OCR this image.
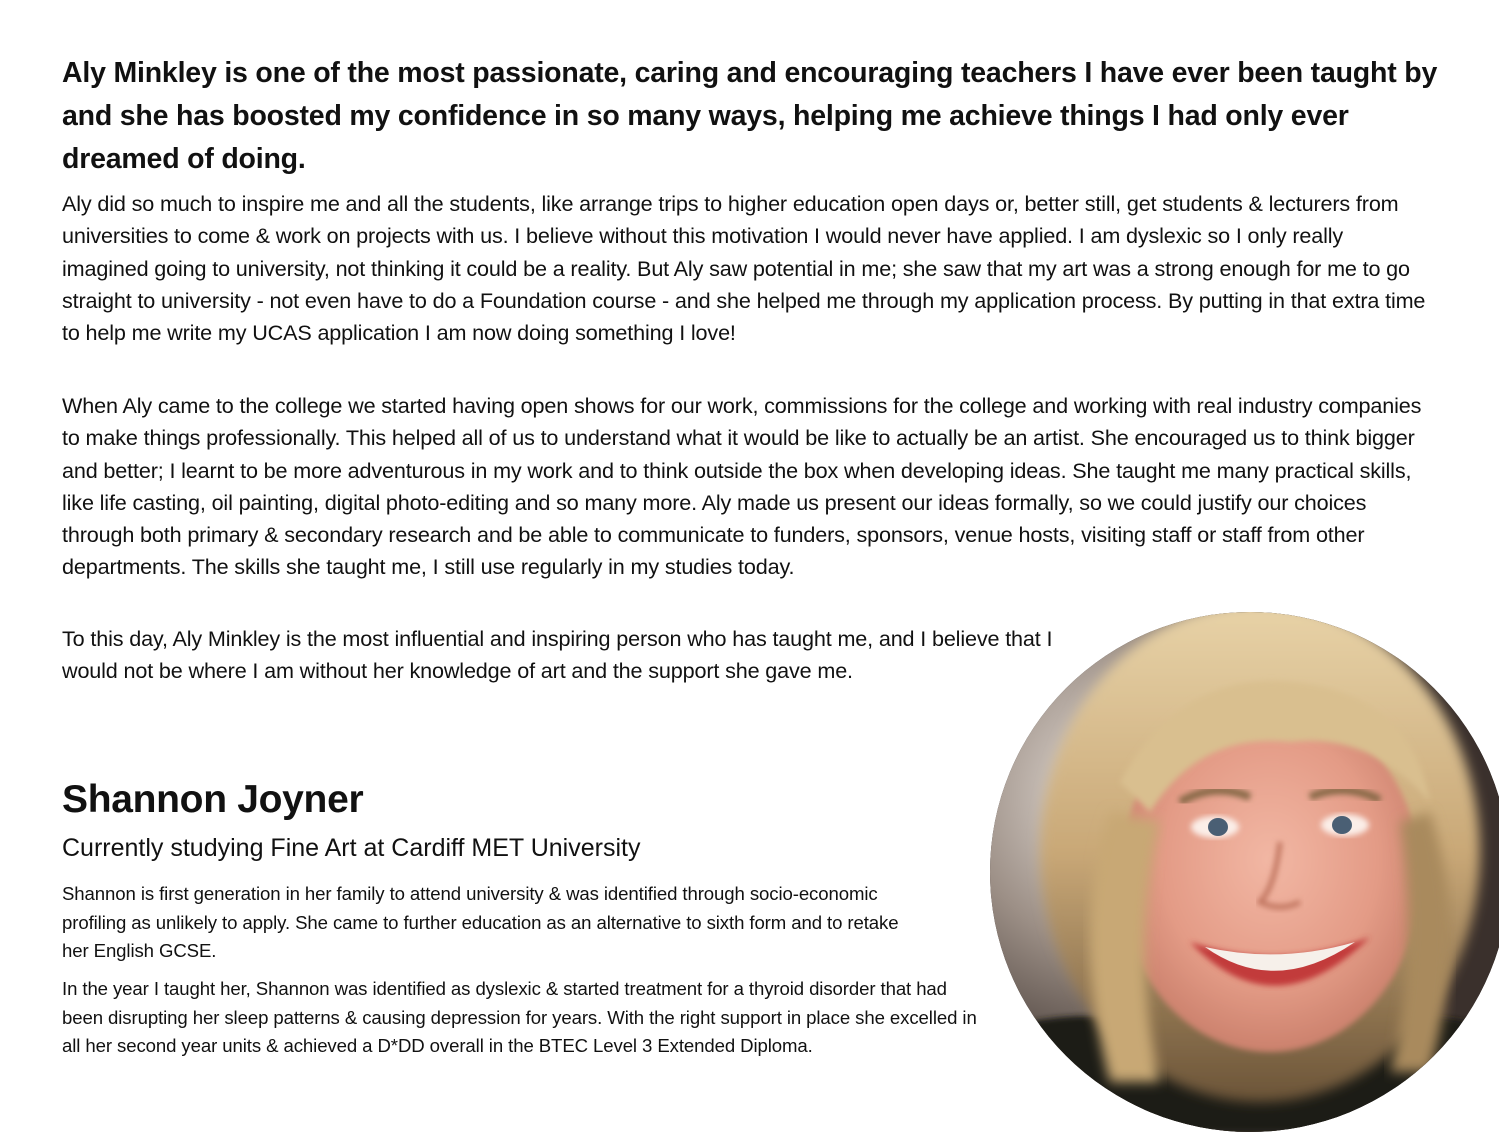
Aly Minkley is one of the most passionate, caring and encouraging teachers I have ever been taught by and she has boosted my confidence in so many ways, helping me achieve things I had only ever dreamed of doing.

Aly did so much to inspire me and all the students, like arrange trips to higher education open days or, better still, get students & lecturers from universities to come & work on projects with us. I believe without this motivation I would never have applied. I am dyslexic so I only really imagined going to university, not thinking it could be a reality. But Aly saw potential in me; she saw that my art was a strong enough for me to go straight to university - not even have to do a Foundation course - and she helped me through my application process. By putting in that extra time to help me write my UCAS application I am now doing something I love!

When Aly came to the college we started having open shows for our work, commissions for the college and working with real industry companies to make things professionally. This helped all of us to understand what it would be like to actually be an artist. She encouraged us to think bigger and better; I learnt to be more adventurous in my work and to think outside the box when developing ideas. She taught me many practical skills, like life casting, oil painting, digital photo-editing and so many more. Aly made us present our ideas formally, so we could justify our choices through both primary & secondary research and be able to communicate to funders, sponsors, venue hosts, visiting staff or staff from other departments. The skills she taught me, I still use regularly in my studies today.

To this day, Aly Minkley is the most influential and inspiring person who has taught me, and I believe that I would not be where I am without her knowledge of art and the support she gave me.

Shannon Joyner

Currently studying Fine Art at Cardiff MET University

Shannon is first generation in her family to attend university & was identified through socio-economic profiling as unlikely to apply. She came to further education as an alternative to sixth form and to retake her English GCSE.

In the year I taught her, Shannon was identified as dyslexic & started treatment for a thyroid disorder that had been disrupting her sleep patterns & causing depression for years. With the right support in place she excelled in all her second year units & achieved a D*DD overall in the BTEC Level 3 Extended Diploma.
